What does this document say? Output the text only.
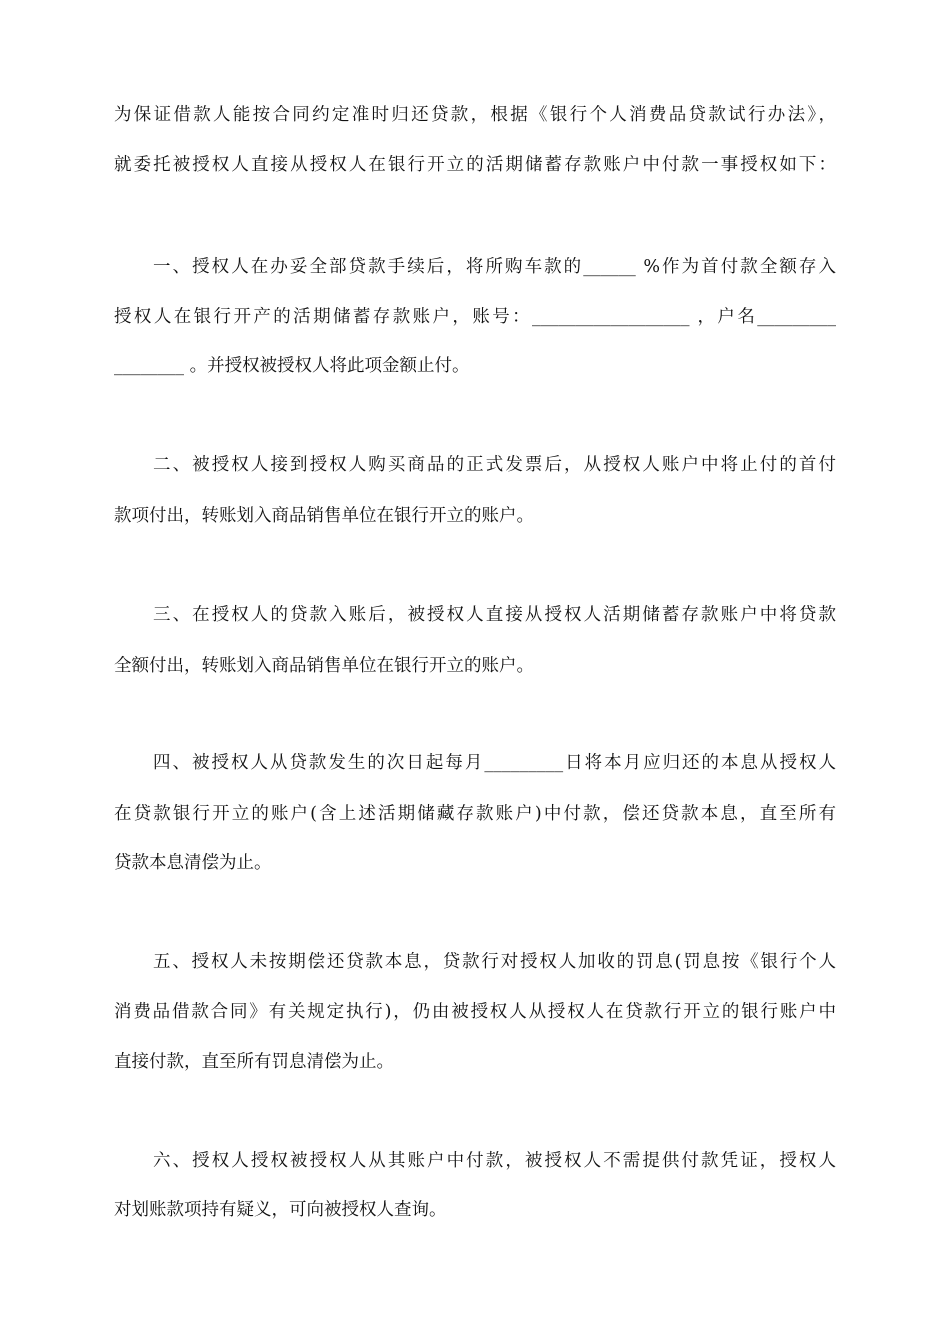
为保证借款人能按合同约定准时归还贷款，根据《银行个人消费品贷款试行办法》，
就委托被授权人直接从授权人在银行开立的活期储蓄存款账户中付款一事授权如下：
一、授权人在办妥全部贷款手续后，将所购车款的______ %作为首付款全额存入
授权人在银行开产的活期储蓄存款账户，账号：__________________ ，户名_________
________ 。并授权被授权人将此项金额止付。
二、被授权人接到授权人购买商品的正式发票后，从授权人账户中将止付的首付
款项付出，转账划入商品销售单位在银行开立的账户。
三、在授权人的贷款入账后，被授权人直接从授权人活期储蓄存款账户中将贷款
全额付出，转账划入商品销售单位在银行开立的账户。
四、被授权人从贷款发生的次日起每月_________日将本月应归还的本息从授权人
在贷款银行开立的账户(含上述活期储藏存款账户)中付款，偿还贷款本息，直至所有
贷款本息清偿为止。
五、授权人未按期偿还贷款本息，贷款行对授权人加收的罚息(罚息按《银行个人
消费品借款合同》有关规定执行)，仍由被授权人从授权人在贷款行开立的银行账户中
直接付款，直至所有罚息清偿为止。
六、授权人授权被授权人从其账户中付款，被授权人不需提供付款凭证，授权人
对划账款项持有疑义，可向被授权人查询。
